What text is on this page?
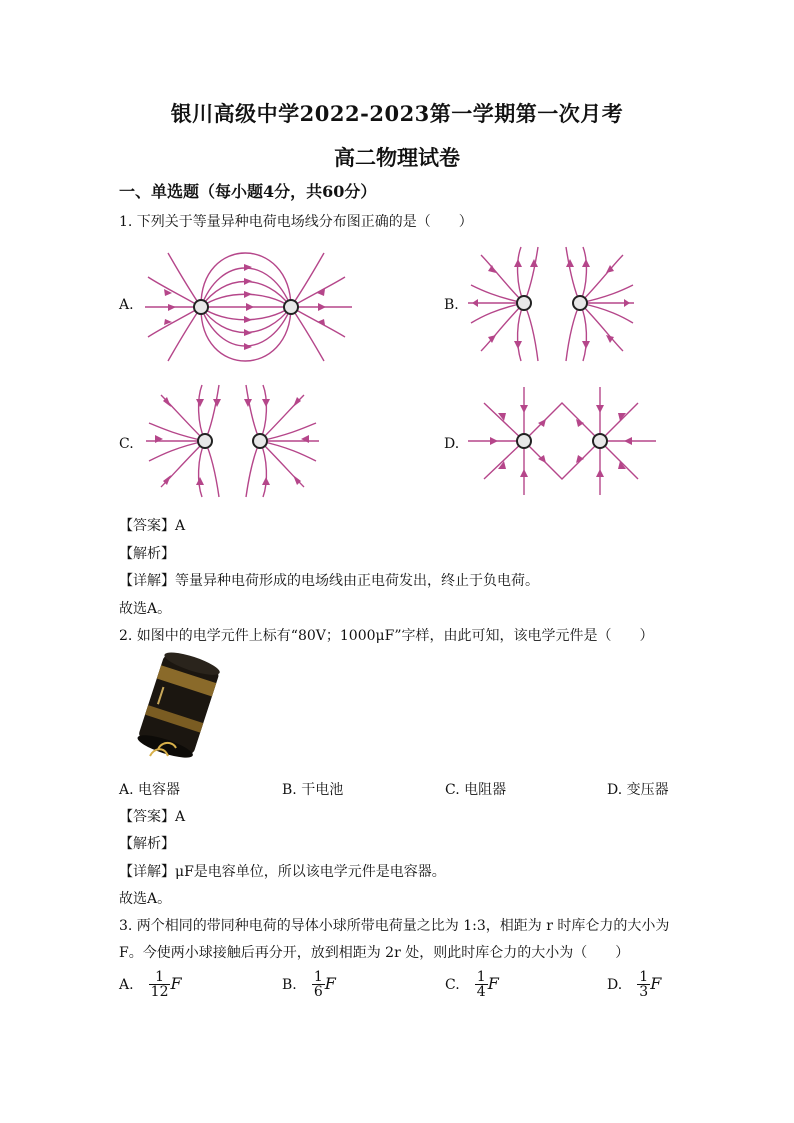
银川高级中学2022-2023第一学期第一次月考
高二物理试卷
一、单选题（每小题4分，共60分）
1. 下列关于等量异种电荷电场线分布图正确的是（　　）
A.	B.
C.	D.
【答案】A
【解析】
【详解】等量异种电荷形成的电场线由正电荷发出，终止于负电荷。
故选A。
2. 如图中的电学元件上标有“80V；1000μF”字样，由此可知，该电学元件是（　　）
A. 电容器	B. 干电池	C. 电阻器	D. 变压器
【答案】A
【解析】
【详解】μF是电容单位，所以该电学元件是电容器。
故选A。
3. 两个相同的带同种电荷的导体小球所带电荷量之比为 1:3，相距为 r 时库仑力的大小为
F。今使两小球接触后再分开，放到相距为 2r 处，则此时库仑力的大小为（　　）
A. $\frac{1}{12}$ F	B. $\frac{1}{6}$ F	C. $\frac{1}{4}$ F	D. $\frac{1}{3}$ F
